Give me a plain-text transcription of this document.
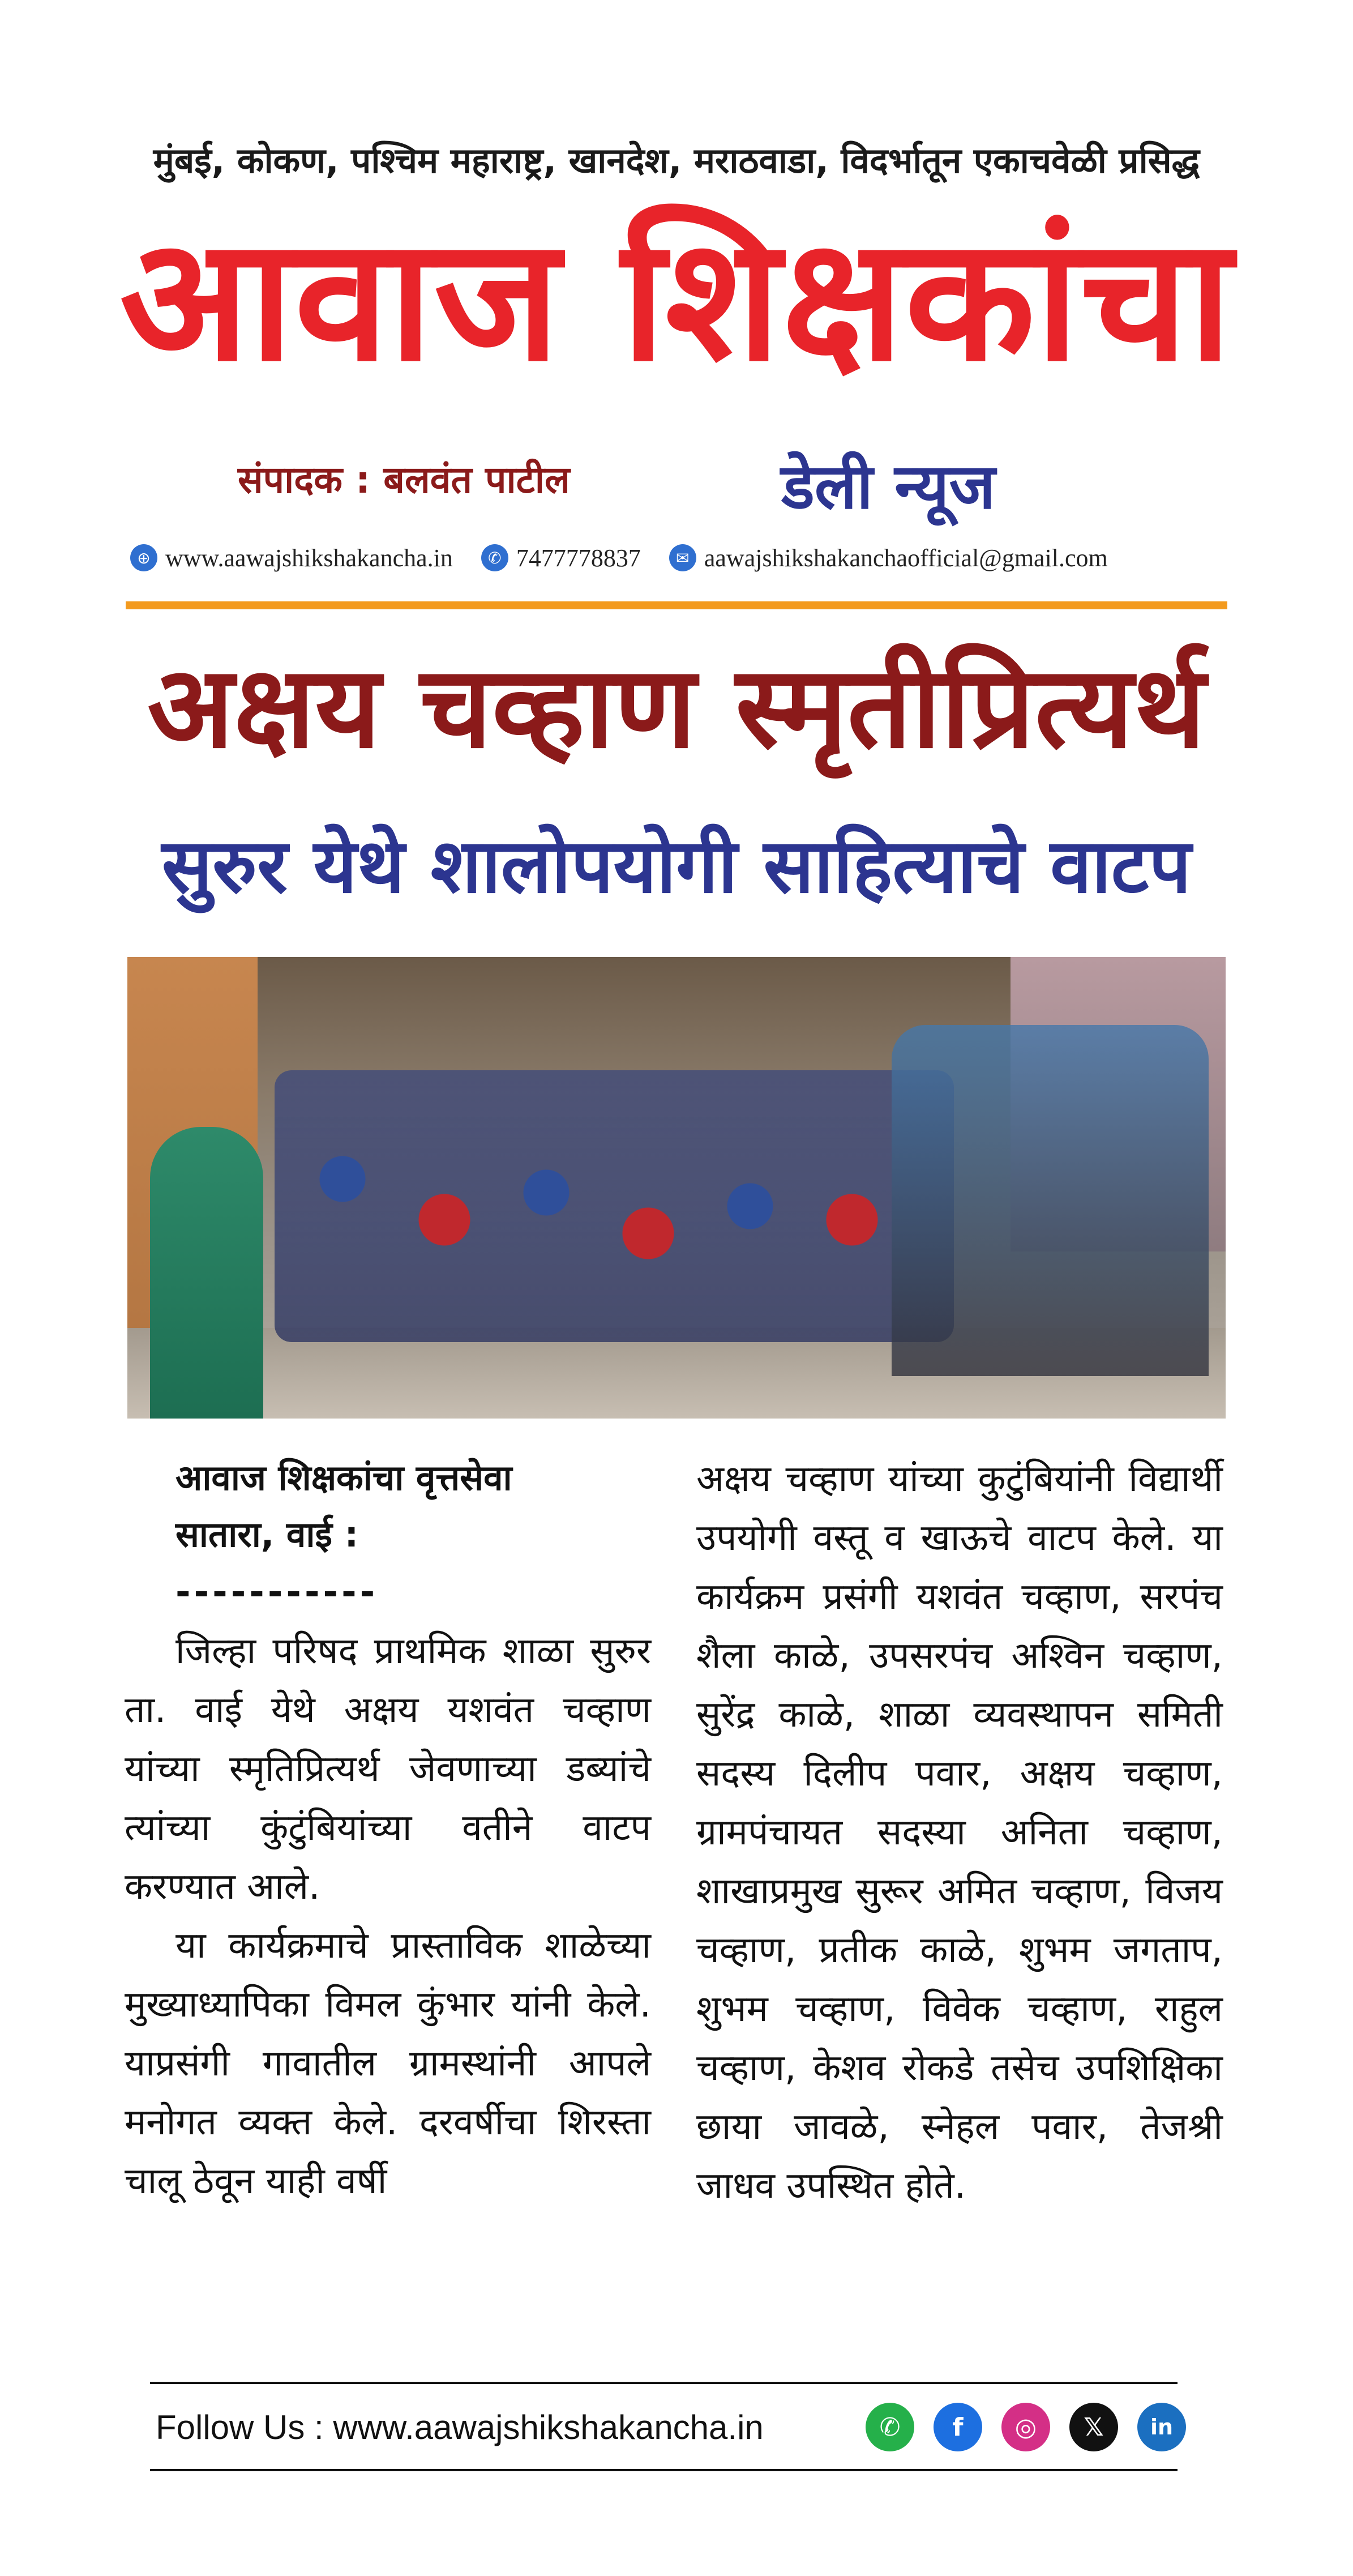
मुंबई, कोकण, पश्चिम महाराष्ट्र, खानदेश, मराठवाडा, विदर्भातून एकाचवेळी प्रसिद्ध
आवाज शिक्षकांचा
संपादक : बलवंत पाटील	डेली न्यूज
⊕ www.aawajshikshakancha.in	✆ 7477778837	✉ aawajshikshakanchaofficial@gmail.com
अक्षय चव्हाण स्मृतीप्रित्यर्थ
सुरुर येथे शालोपयोगी साहित्याचे वाटप
आवाज शिक्षकांचा वृत्तसेवा
सातारा, वाई :
-----------

जिल्हा परिषद प्राथमिक शाळा सुरुर ता. वाई येथे अक्षय यशवंत चव्हाण यांच्या स्मृतिप्रित्यर्थ जेवणाच्या डब्यांचे त्यांच्या कुंटुंबियांच्या वतीने वाटप करण्यात आले.

या कार्यक्रमाचे प्रास्ताविक शाळेच्या मुख्याध्यापिका विमल कुंभार यांनी केले. याप्रसंगी गावातील ग्रामस्थांनी आपले मनोगत व्यक्त केले. दरवर्षीचा शिरस्ता चालू ठेवून याही वर्षी

अक्षय चव्हाण यांच्या कुटुंबियांनी विद्यार्थी उपयोगी वस्तू व खाऊचे वाटप केले. या कार्यक्रम प्रसंगी यशवंत चव्हाण, सरपंच शैला काळे, उपसरपंच अश्विन चव्हाण, सुरेंद्र काळे, शाळा व्यवस्थापन समिती सदस्य दिलीप पवार, अक्षय चव्हाण, ग्रामपंचायत सदस्या अनिता चव्हाण, शाखाप्रमुख सुरूर अमित चव्हाण, विजय चव्हाण, प्रतीक काळे, शुभम जगताप, शुभम चव्हाण, विवेक चव्हाण, राहुल चव्हाण, केशव रोकडे तसेच उपशिक्षिका छाया जावळे, स्नेहल पवार, तेजश्री जाधव उपस्थित होते.

Follow Us : www.aawajshikshakancha.in	✆	f	◎	𝕏	in
